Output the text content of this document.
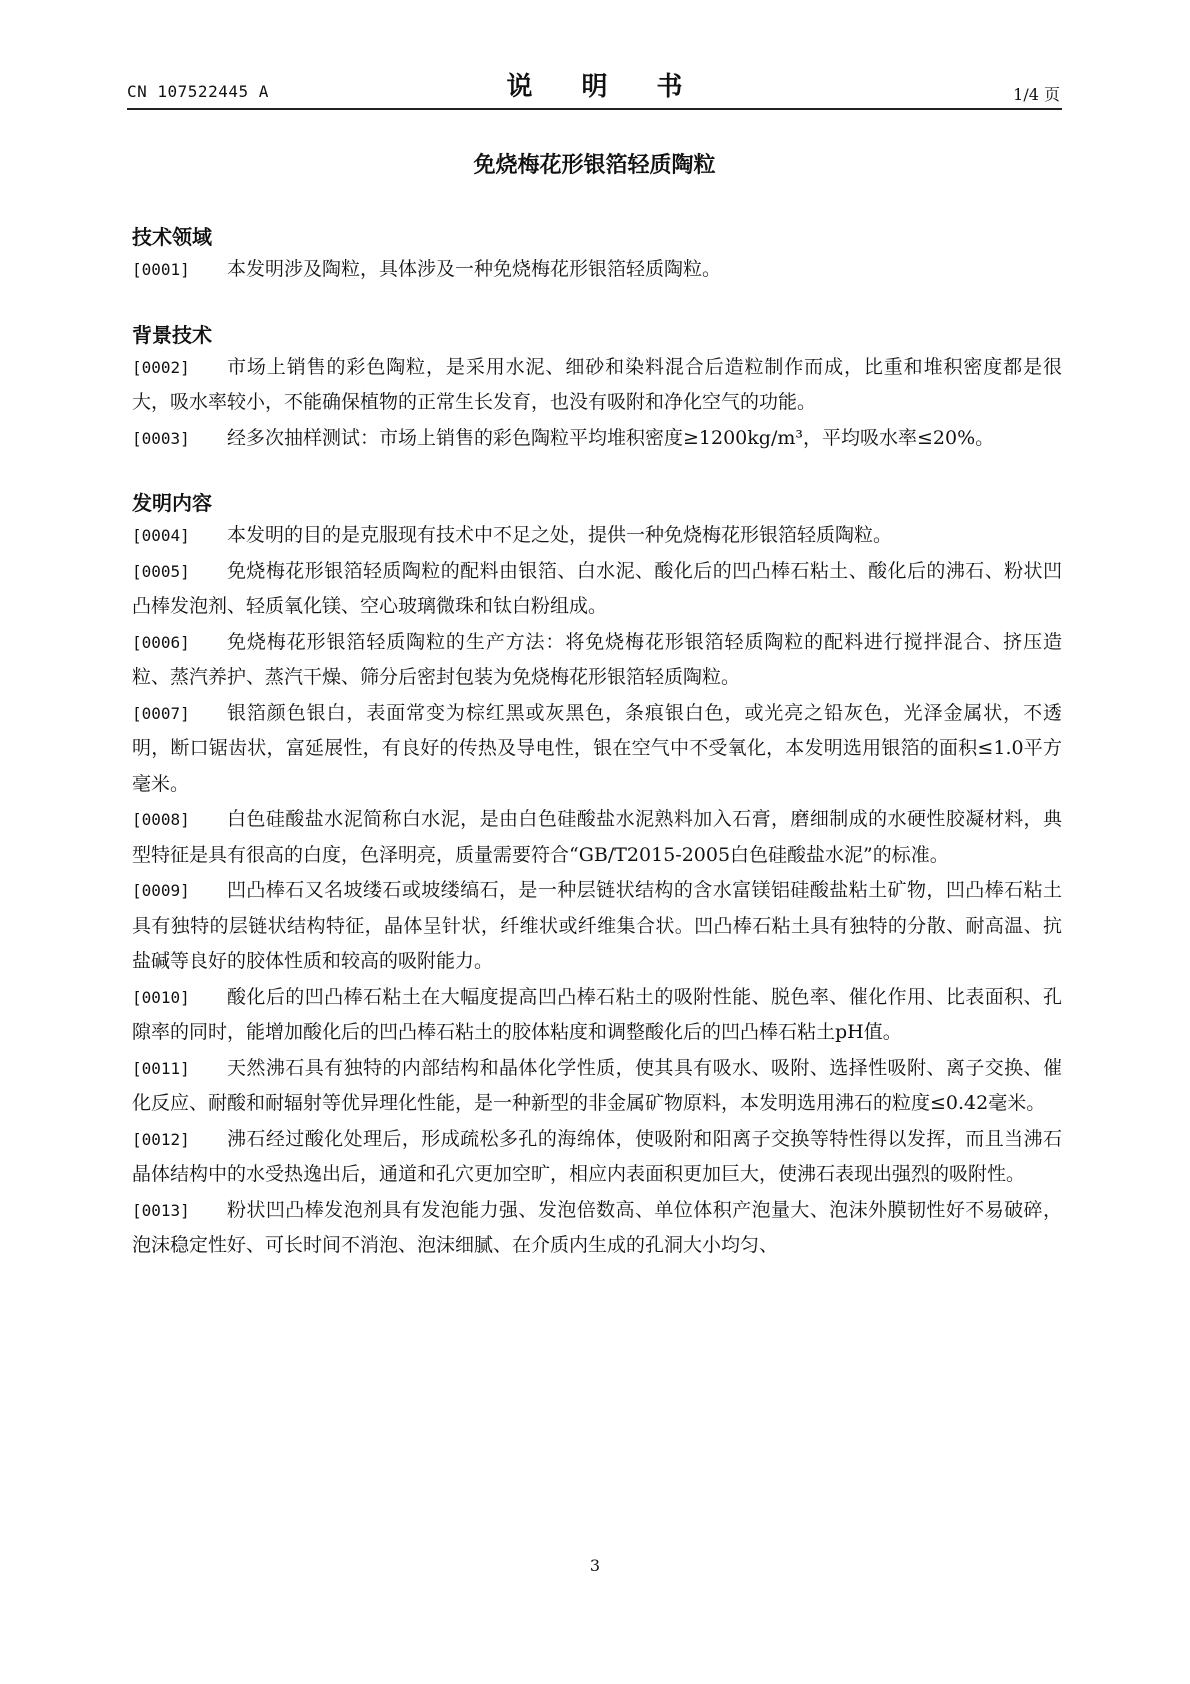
CN 107522445 A	说 明 书	1/4 页
免烧梅花形银箔轻质陶粒
技术领域
[0001] 本发明涉及陶粒，具体涉及一种免烧梅花形银箔轻质陶粒。
背景技术
[0002] 市场上销售的彩色陶粒，是采用水泥、细砂和染料混合后造粒制作而成，比重和堆积密度都是很大，吸水率较小，不能确保植物的正常生长发育，也没有吸附和净化空气的功能。
[0003] 经多次抽样测试：市场上销售的彩色陶粒平均堆积密度≥1200kg/m³，平均吸水率≤20%。
发明内容
[0004] 本发明的目的是克服现有技术中不足之处，提供一种免烧梅花形银箔轻质陶粒。
[0005] 免烧梅花形银箔轻质陶粒的配料由银箔、白水泥、酸化后的凹凸棒石粘土、酸化后的沸石、粉状凹凸棒发泡剂、轻质氧化镁、空心玻璃微珠和钛白粉组成。
[0006] 免烧梅花形银箔轻质陶粒的生产方法：将免烧梅花形银箔轻质陶粒的配料进行搅拌混合、挤压造粒、蒸汽养护、蒸汽干燥、筛分后密封包装为免烧梅花形银箔轻质陶粒。
[0007] 银箔颜色银白，表面常变为棕红黑或灰黑色，条痕银白色，或光亮之铅灰色，光泽金属状，不透明，断口锯齿状，富延展性，有良好的传热及导电性，银在空气中不受氧化，本发明选用银箔的面积≤1.0平方毫米。
[0008] 白色硅酸盐水泥简称白水泥，是由白色硅酸盐水泥熟料加入石膏，磨细制成的水硬性胶凝材料，典型特征是具有很高的白度，色泽明亮，质量需要符合“GB/T2015-2005白色硅酸盐水泥”的标准。
[0009] 凹凸棒石又名坡缕石或坡缕缟石，是一种层链状结构的含水富镁铝硅酸盐粘土矿物，凹凸棒石粘土具有独特的层链状结构特征，晶体呈针状，纤维状或纤维集合状。凹凸棒石粘土具有独特的分散、耐高温、抗盐碱等良好的胶体性质和较高的吸附能力。
[0010] 酸化后的凹凸棒石粘土在大幅度提高凹凸棒石粘土的吸附性能、脱色率、催化作用、比表面积、孔隙率的同时，能增加酸化后的凹凸棒石粘土的胶体粘度和调整酸化后的凹凸棒石粘土pH值。
[0011] 天然沸石具有独特的内部结构和晶体化学性质，使其具有吸水、吸附、选择性吸附、离子交换、催化反应、耐酸和耐辐射等优异理化性能，是一种新型的非金属矿物原料，本发明选用沸石的粒度≤0.42毫米。
[0012] 沸石经过酸化处理后，形成疏松多孔的海绵体，使吸附和阳离子交换等特性得以发挥，而且当沸石晶体结构中的水受热逸出后，通道和孔穴更加空旷，相应内表面积更加巨大，使沸石表现出强烈的吸附性。
[0013] 粉状凹凸棒发泡剂具有发泡能力强、发泡倍数高、单位体积产泡量大、泡沫外膜韧性好不易破碎，泡沫稳定性好、可长时间不消泡、泡沫细腻、在介质内生成的孔洞大小均匀、
3
